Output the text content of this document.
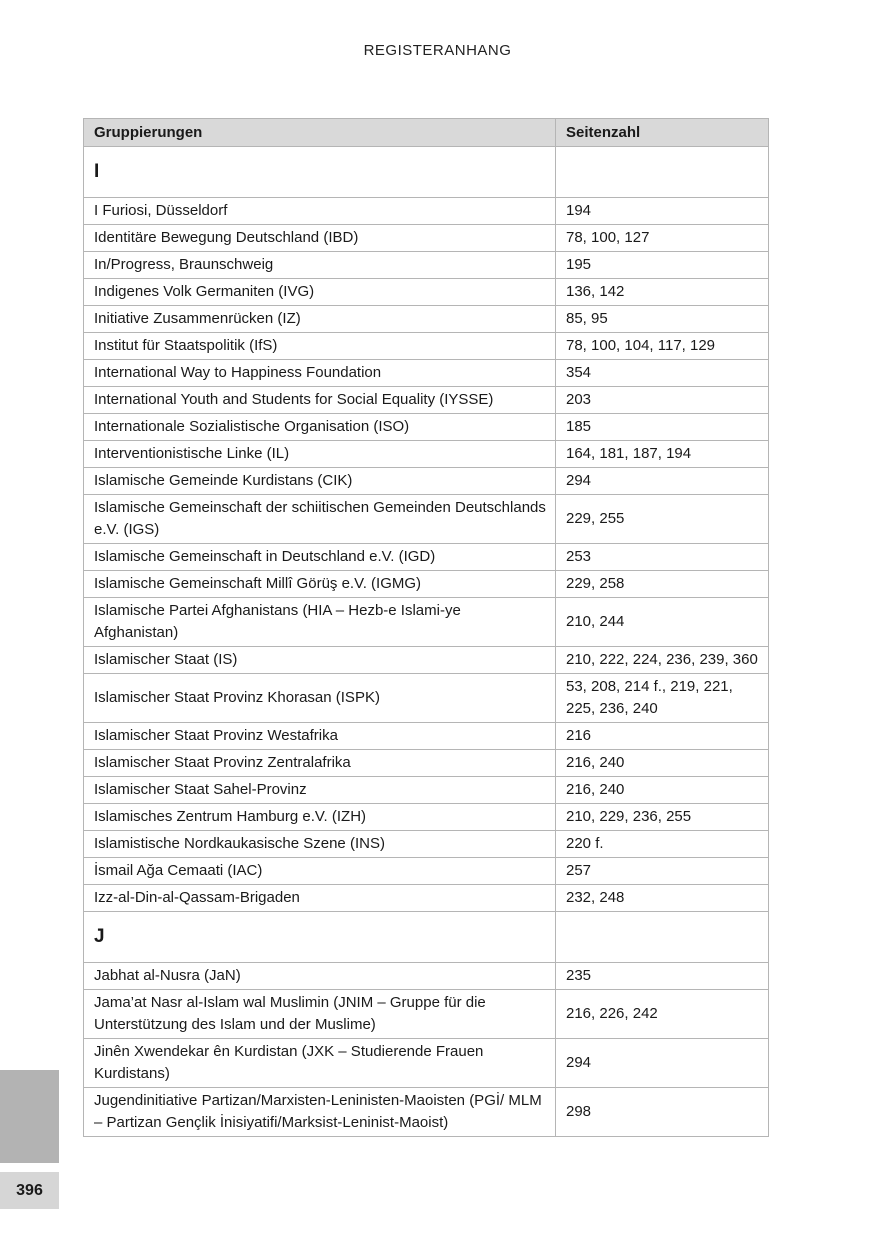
REGISTERANHANG
Gruppierungen	Seitenzahl
I	
I Furiosi, Düsseldorf	194
Identitäre Bewegung Deutschland (IBD)	78, 100, 127
In/Progress, Braunschweig	195
Indigenes Volk Germaniten (IVG)	136, 142
Initiative Zusammenrücken (IZ)	85, 95
Institut für Staatspolitik (IfS)	78, 100, 104, 117, 129
International Way to Happiness Foundation	354
International Youth and Students for Social Equality (IYSSE)	203
Internationale Sozialistische Organisation (ISO)	185
Interventionistische Linke (IL)	164, 181, 187, 194
Islamische Gemeinde Kurdistans (CIK)	294
Islamische Gemeinschaft der schiitischen Gemeinden Deutschlands e.V. (IGS)	229, 255
Islamische Gemeinschaft in Deutschland e.V. (IGD)	253
Islamische Gemeinschaft Millî Görüş e.V. (IGMG)	229, 258
Islamische Partei Afghanistans (HIA – Hezb-e Islami-ye Afghanistan)	210, 244
Islamischer Staat (IS)	210, 222, 224, 236, 239, 360
Islamischer Staat Provinz Khorasan (ISPK)	53, 208, 214 f., 219, 221, 225, 236, 240
Islamischer Staat Provinz Westafrika	216
Islamischer Staat Provinz Zentralafrika	216, 240
Islamischer Staat Sahel-Provinz	216, 240
Islamisches Zentrum Hamburg e.V. (IZH)	210, 229, 236, 255
Islamistische Nordkaukasische Szene (INS)	220 f.
İsmail Ağa Cemaati (IAC)	257
Izz-al-Din-al-Qassam-Brigaden	232, 248
J	
Jabhat al-Nusra (JaN)	235
Jama’at Nasr al-Islam wal Muslimin (JNIM – Gruppe für die Unterstützung des Islam und der Muslime)	216, 226, 242
Jinên Xwendekar ên Kurdistan (JXK – Studierende Frauen Kurdistans)	294
Jugendinitiative Partizan/Marxisten-Leninisten-Maoisten (PGİ/ MLM – Partizan Gençlik İnisiyatifi/Marksist-Leninist-Maoist)	298
396
